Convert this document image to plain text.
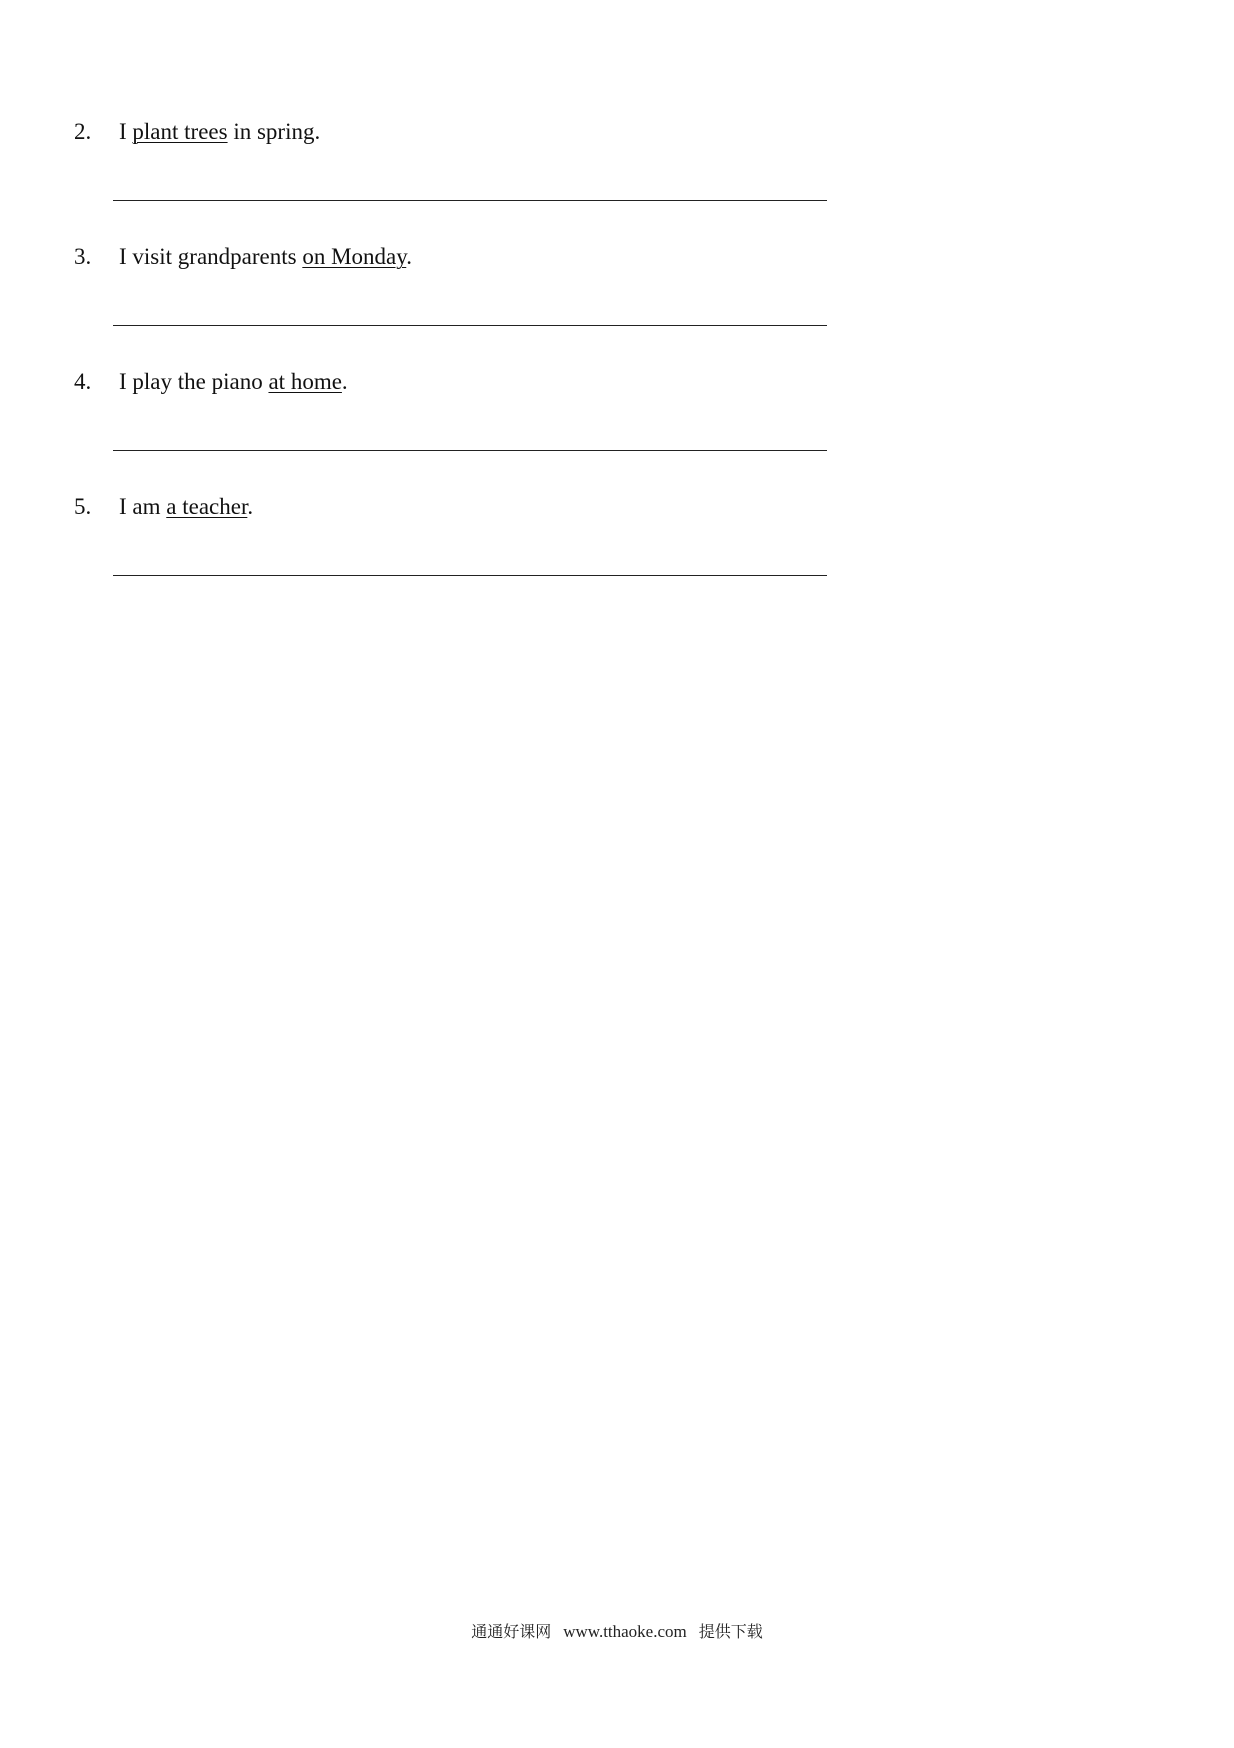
2. I plant trees in spring.
3. I visit grandparents on Monday.
4. I play the piano at home.
5. I am a teacher.
通通好课网 www.tthaoke.com 提供下载
